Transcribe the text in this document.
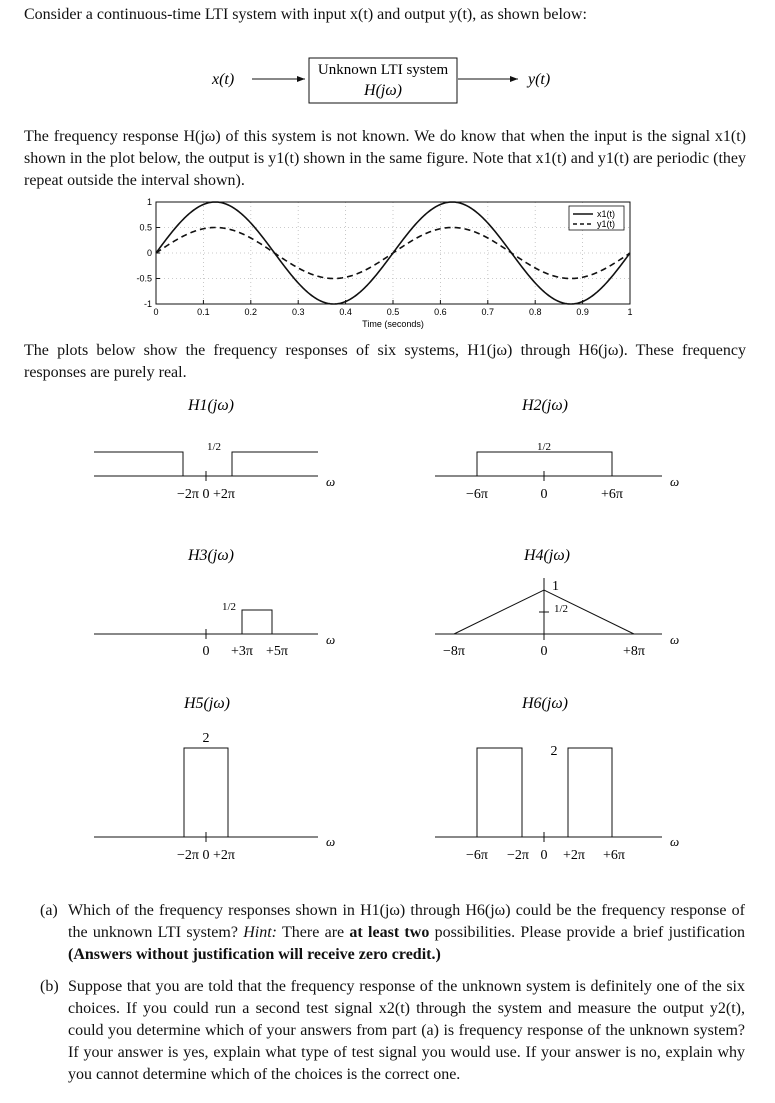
Consider a continuous-time LTI system with input x(t) and output y(t), as shown below:

x(t)
Unknown LTI system
H(jω)
y(t)

The frequency response H(jω) of this system is not known. We do know that when the input is the signal x1(t) shown in the plot below, the output is y1(t) shown in the same figure. Note that x1(t) and y1(t) are periodic (they repeat outside the interval shown).

0	0.1	0.2	0.3	0.4	0.5	0.6	0.7	0.8	0.9	1
1
0.5
0
-0.5
-1
Time (seconds)
x1(t)
y1(t)

The plots below show the frequency responses of six systems, H1(jω) through H6(jω). These frequency responses are purely real.

H1(jω)
1/2
−2π 0 +2π
ω
H2(jω)
1/2
−6π	0	+6π
ω
H3(jω)
1/2
0 +3π +5π
ω
H4(jω)
1
1/2
−8π	0	+8π
ω
H5(jω)
2
−2π 0 +2π
ω
H6(jω)
2
−6π −2π 0 +2π +6π
ω
(a) Which of the frequency responses shown in H1(jω) through H6(jω) could be the frequency response of the unknown LTI system? Hint: There are at least two possibilities. Please provide a brief justification (Answers without justification will receive zero credit.)
(b) Suppose that you are told that the frequency response of the unknown system is definitely one of the six choices. If you could run a second test signal x2(t) through the system and measure the output y2(t), could you determine which of your answers from part (a) is frequency response of the unknown system? If your answer is yes, explain what type of test signal you would use. If your answer is no, explain why you cannot determine which of the choices is the correct one.
